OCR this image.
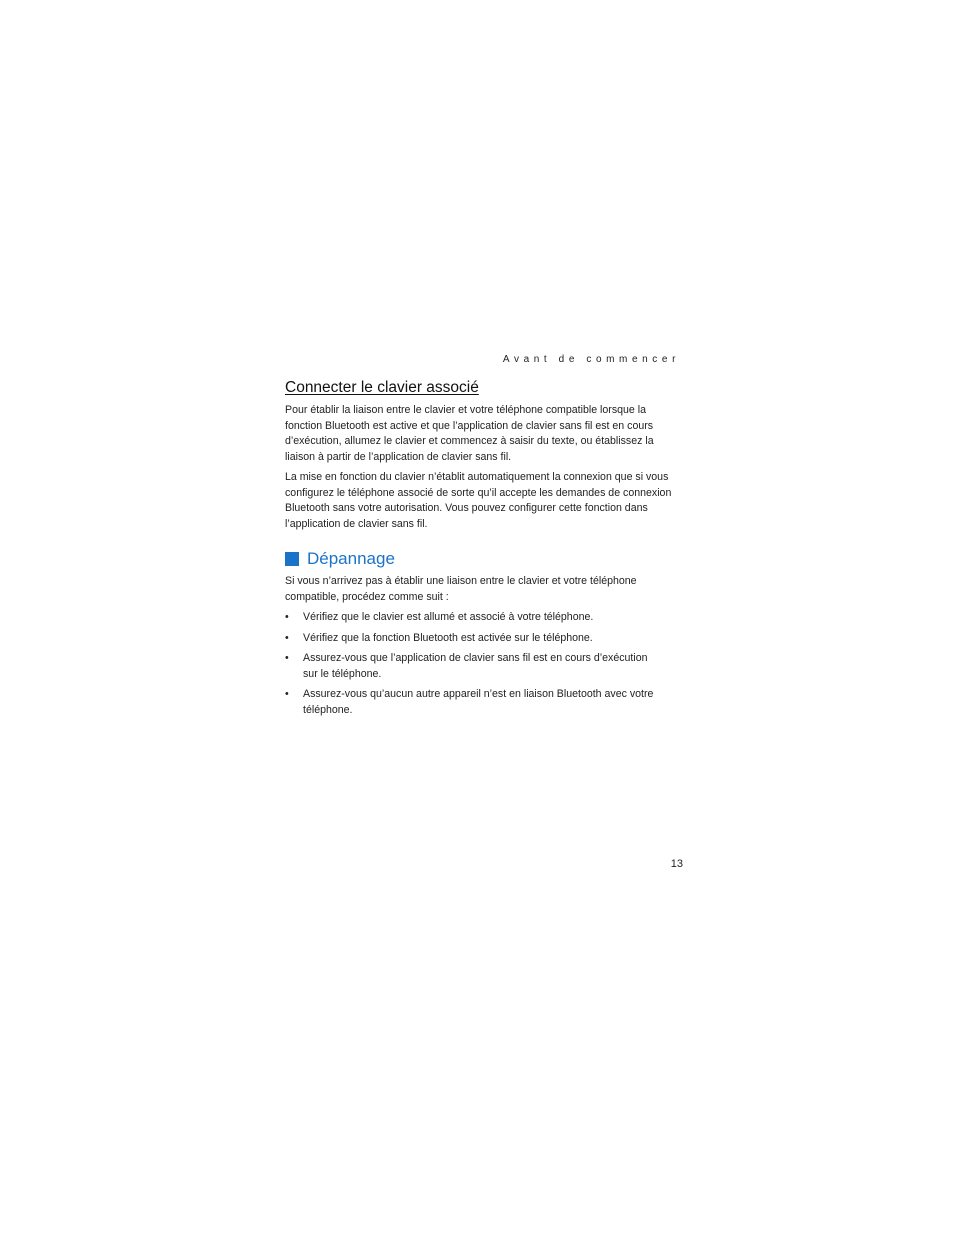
Avant de commencer
Connecter le clavier associé
Pour établir la liaison entre le clavier et votre téléphone compatible lorsque la fonction Bluetooth est active et que l’application de clavier sans fil est en cours d’exécution, allumez le clavier et commencez à saisir du texte, ou établissez la liaison à partir de l’application de clavier sans fil.
La mise en fonction du clavier n’établit automatiquement la connexion que si vous configurez le téléphone associé de sorte qu’il accepte les demandes de connexion Bluetooth sans votre autorisation. Vous pouvez configurer cette fonction dans l’application de clavier sans fil.
Dépannage
Si vous n’arrivez pas à établir une liaison entre le clavier et votre téléphone compatible, procédez comme suit :
• Vérifiez que le clavier est allumé et associé à votre téléphone.
• Vérifiez que la fonction Bluetooth est activée sur le téléphone.
• Assurez-vous que l’application de clavier sans fil est en cours d’exécution sur le téléphone.
• Assurez-vous qu’aucun autre appareil n’est en liaison Bluetooth avec votre téléphone.
13
